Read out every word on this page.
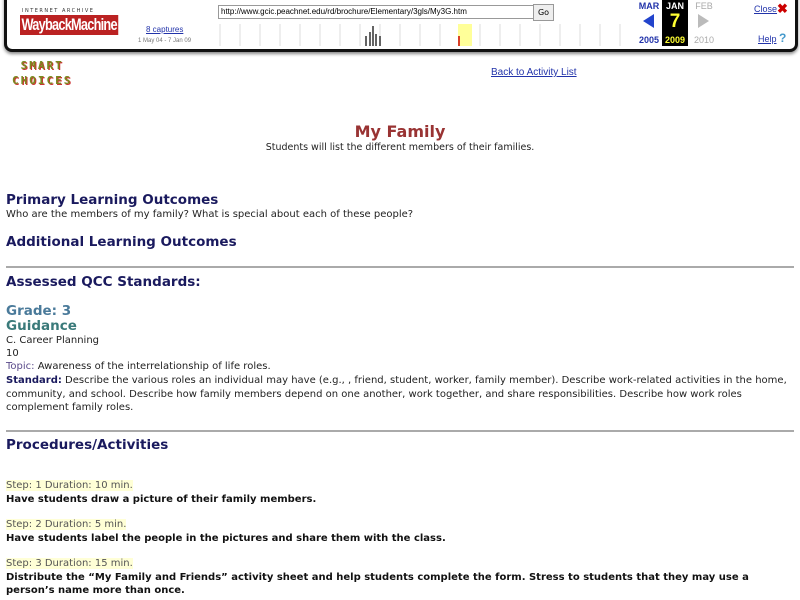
INTERNET ARCHIVE
WaybackMachine
http://www.gcic.peachnet.edu/rd/brochure/Elementary/3gls/My3G.htm	Go
8 captures
1 May 04 - 7 Jan 09
MAR
2005
JAN
7
2009
FEB
2010
Close ✖
Help ?
SMART
CHOICES
Back to Activity List
My Family
Students will list the different members of their families.
Primary Learning Outcomes
Who are the members of my family? What is special about each of these people?
Additional Learning Outcomes
Assessed QCC Standards:
Grade: 3
Guidance
C. Career Planning
10
Topic: Awareness of the interrelationship of life roles.
Standard: Describe the various roles an individual may have (e.g., , friend, student, worker, family member). Describe work-related activities in the home, community, and school. Describe how family members depend on one another, work together, and share responsibilities. Describe how work roles complement family roles.
Procedures/Activities
Step: 1 Duration: 10 min.
Have students draw a picture of their family members.
Step: 2 Duration: 5 min.
Have students label the people in the pictures and share them with the class.
Step: 3 Duration: 15 min.
Distribute the “My Family and Friends” activity sheet and help students complete the form. Stress to students that they may use a person’s name more than once.
